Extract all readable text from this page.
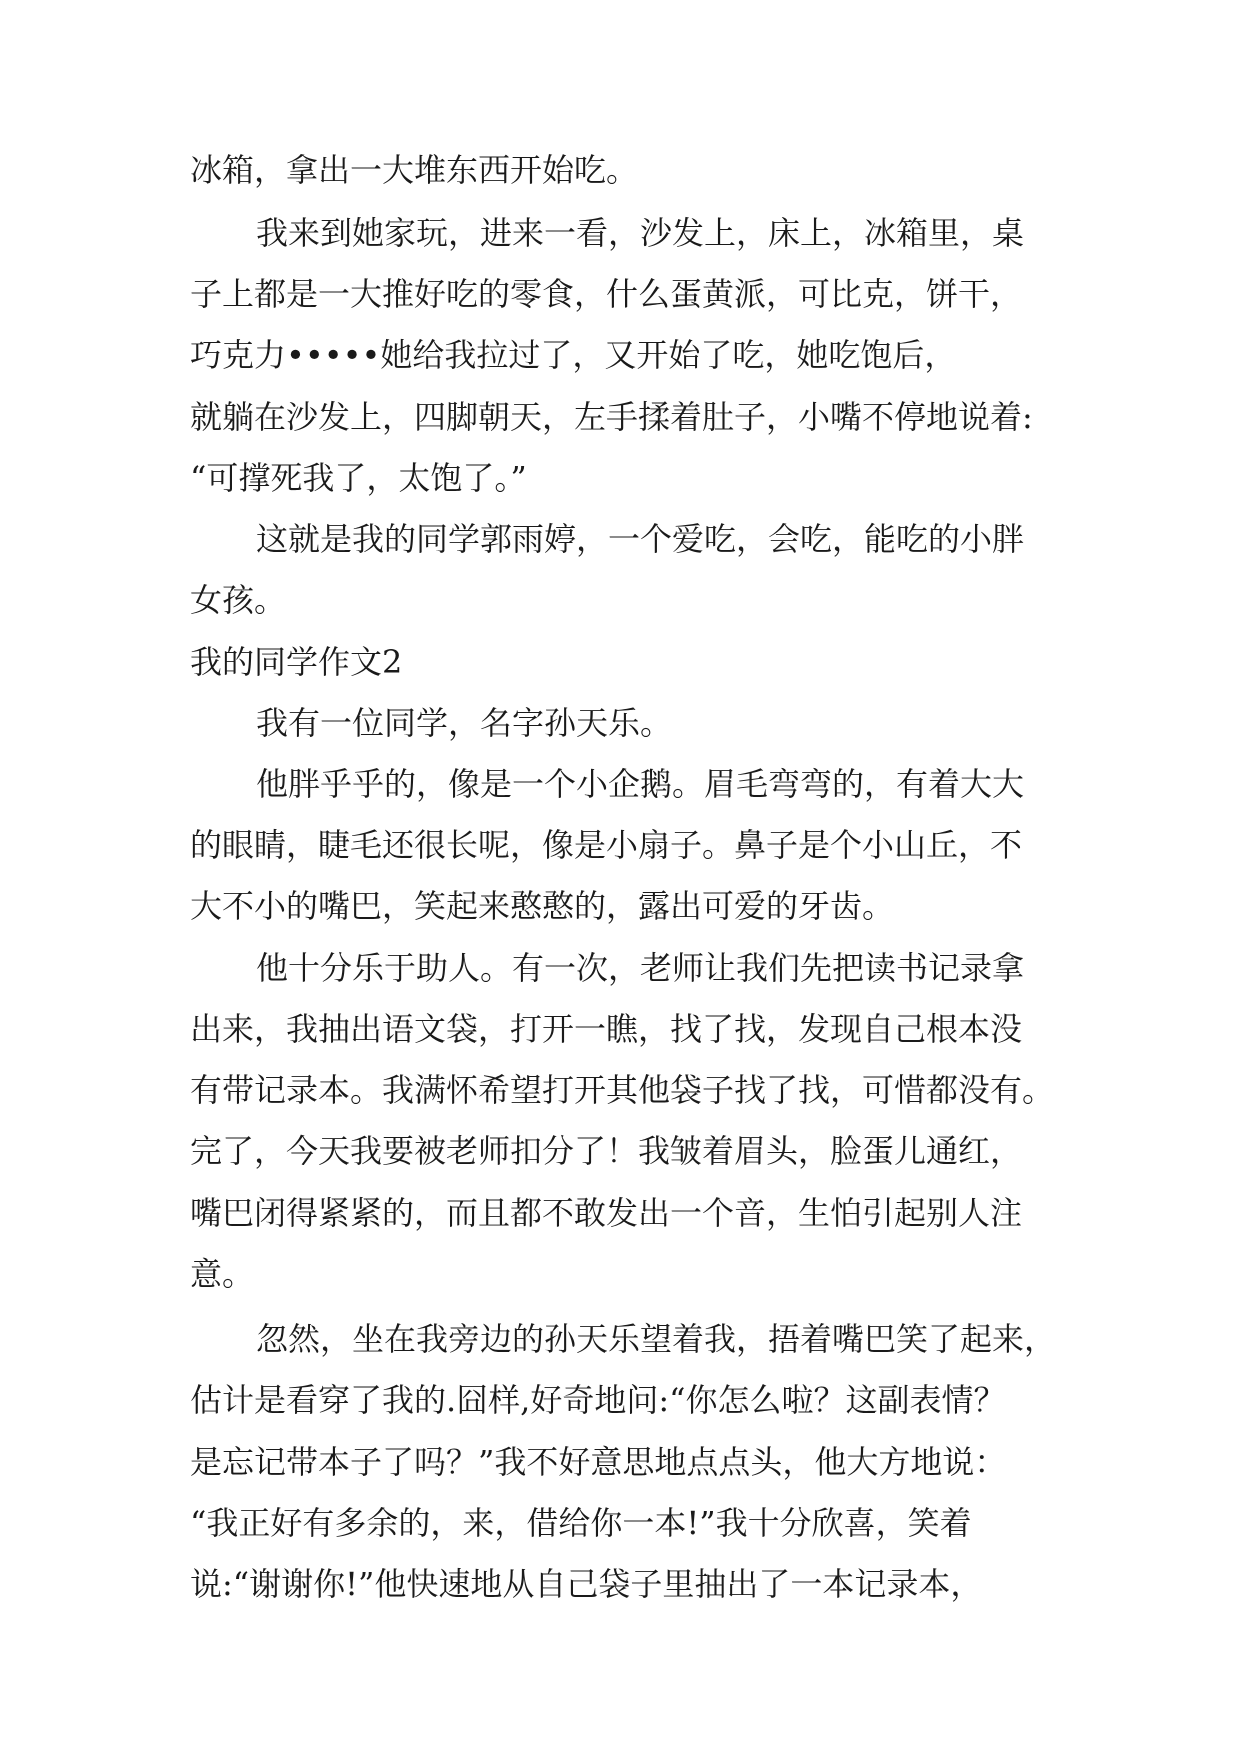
冰箱，拿出一大堆东西开始吃。

我来到她家玩，进来一看，沙发上，床上，冰箱里，桌

子上都是一大推好吃的零食，什么蛋黄派，可比克，饼干，

巧克力•••••她给我拉过了，又开始了吃，她吃饱后，

就躺在沙发上，四脚朝天，左手揉着肚子，小嘴不停地说着:

“可撑死我了，太饱了。”

这就是我的同学郭雨婷，一个爱吃，会吃，能吃的小胖

女孩。

我的同学作文2

我有一位同学，名字孙天乐。

他胖乎乎的，像是一个小企鹅。眉毛弯弯的，有着大大

的眼睛，睫毛还很长呢，像是小扇子。鼻子是个小山丘，不

大不小的嘴巴，笑起来憨憨的，露出可爱的牙齿。

他十分乐于助人。有一次，老师让我们先把读书记录拿

出来，我抽出语文袋，打开一瞧，找了找，发现自己根本没

有带记录本。我满怀希望打开其他袋子找了找，可惜都没有。

完了，今天我要被老师扣分了！我皱着眉头，脸蛋儿通红，

嘴巴闭得紧紧的，而且都不敢发出一个音，生怕引起别人注

意。

忽然，坐在我旁边的孙天乐望着我，捂着嘴巴笑了起来，

估计是看穿了我的.囧样,好奇地问:“你怎么啦？这副表情？

是忘记带本子了吗？”我不好意思地点点头，他大方地说：

“我正好有多余的，来，借给你一本!”我十分欣喜，笑着

说:“谢谢你!”他快速地从自己袋子里抽出了一本记录本，
